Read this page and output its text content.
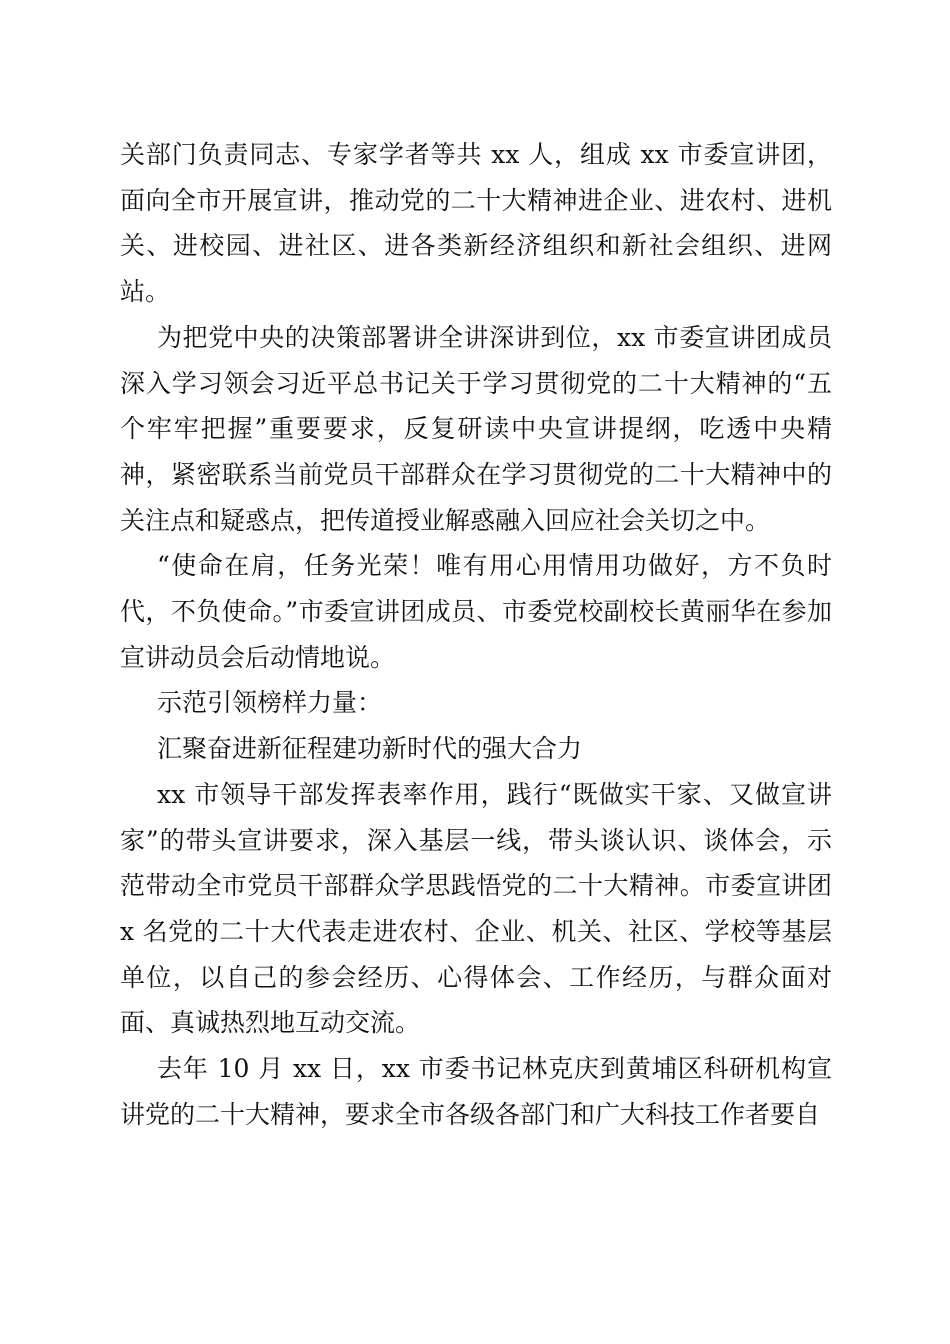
关部门负责同志、专家学者等共 xx 人，组成 xx 市委宣讲团，面向全市开展宣讲，推动党的二十大精神进企业、进农村、进机关、进校园、进社区、进各类新经济组织和新社会组织、进网站。

为把党中央的决策部署讲全讲深讲到位，xx 市委宣讲团成员深入学习领会习近平总书记关于学习贯彻党的二十大精神的“五个牢牢把握”重要要求，反复研读中央宣讲提纲，吃透中央精神，紧密联系当前党员干部群众在学习贯彻党的二十大精神中的关注点和疑惑点，把传道授业解惑融入回应社会关切之中。

“使命在肩，任务光荣！唯有用心用情用功做好，方不负时代，不负使命。”市委宣讲团成员、市委党校副校长黄丽华在参加宣讲动员会后动情地说。

示范引领榜样力量：

汇聚奋进新征程建功新时代的强大合力

xx 市领导干部发挥表率作用，践行“既做实干家、又做宣讲家”的带头宣讲要求，深入基层一线，带头谈认识、谈体会，示范带动全市党员干部群众学思践悟党的二十大精神。市委宣讲团 x 名党的二十大代表走进农村、企业、机关、社区、学校等基层单位，以自己的参会经历、心得体会、工作经历，与群众面对面、真诚热烈地互动交流。

去年 10 月 xx 日，xx 市委书记林克庆到黄埔区科研机构宣讲党的二十大精神，要求全市各级各部门和广大科技工作者要自
